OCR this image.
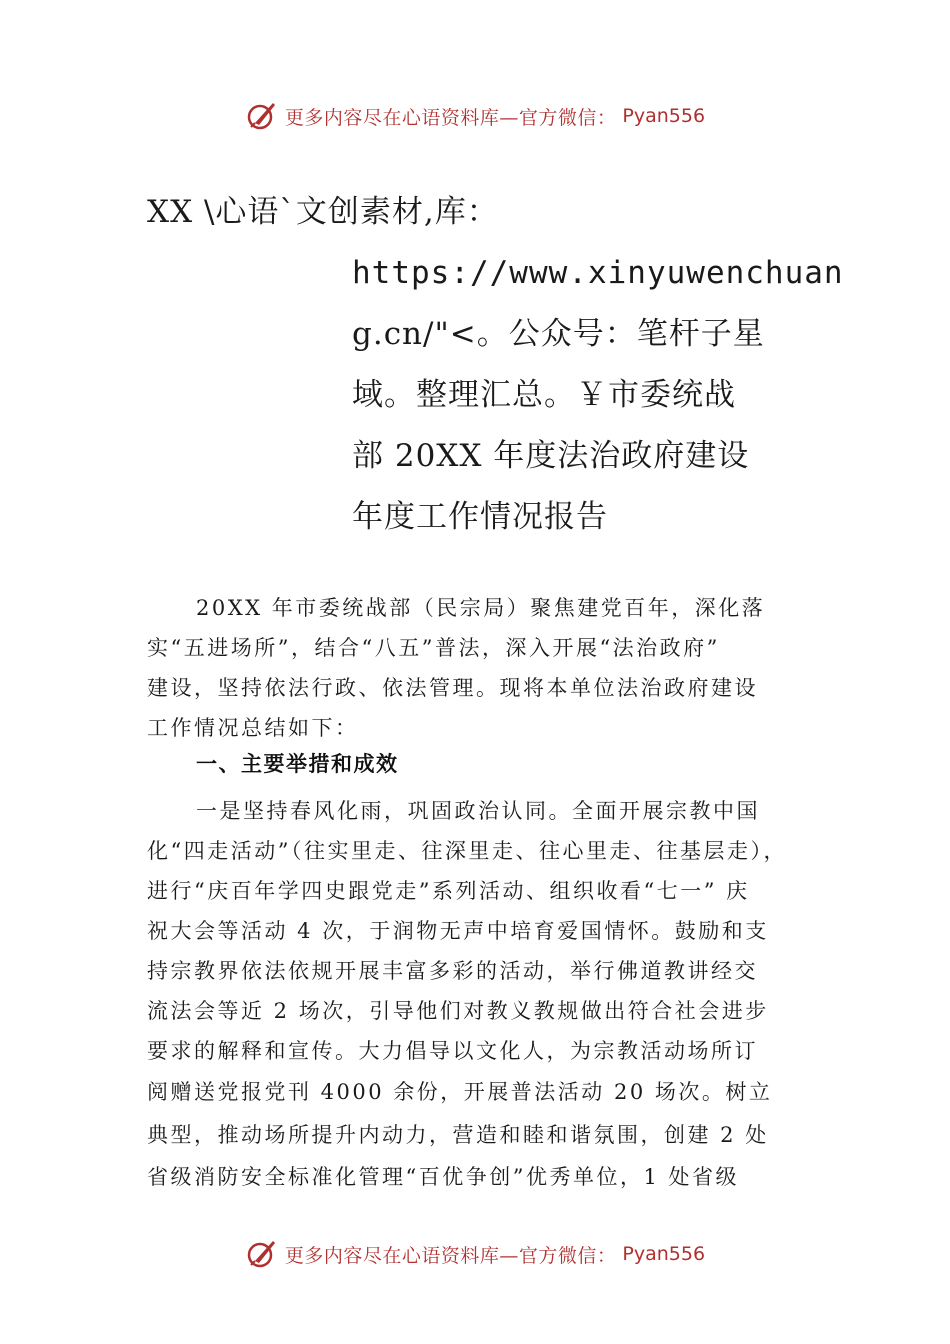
更多内容尽在心语资料库—官方微信： Pyan556
XX \心语`文创素材,库：
https://www.xinyuwenchuan
g.cn/"<。公众号：笔杆子星
域。整理汇总。￥市委统战
部 20XX 年度法治政府建设
年度工作情况报告
20XX 年市委统战部（民宗局）聚焦建党百年，深化落
实“五进场所”，结合“八五”普法，深入开展“法治政府”
建设，坚持依法行政、依法管理。现将本单位法治政府建设
工作情况总结如下：
一、主要举措和成效
一是坚持春风化雨，巩固政治认同。全面开展宗教中国
化“四走活动”（往实里走、往深里走、往心里走、往基层走），
进行“庆百年学四史跟党走”系列活动、组织收看“七一” 庆
祝大会等活动 4 次，于润物无声中培育爱国情怀。鼓励和支
持宗教界依法依规开展丰富多彩的活动，举行佛道教讲经交
流法会等近 2 场次，引导他们对教义教规做出符合社会进步
要求的解释和宣传。大力倡导以文化人，为宗教活动场所订
阅赠送党报党刊 4000 余份，开展普法活动 20 场次。树立
典型，推动场所提升内动力，营造和睦和谐氛围，创建 2 处
省级消防安全标准化管理“百优争创”优秀单位，1 处省级
更多内容尽在心语资料库—官方微信： Pyan556
